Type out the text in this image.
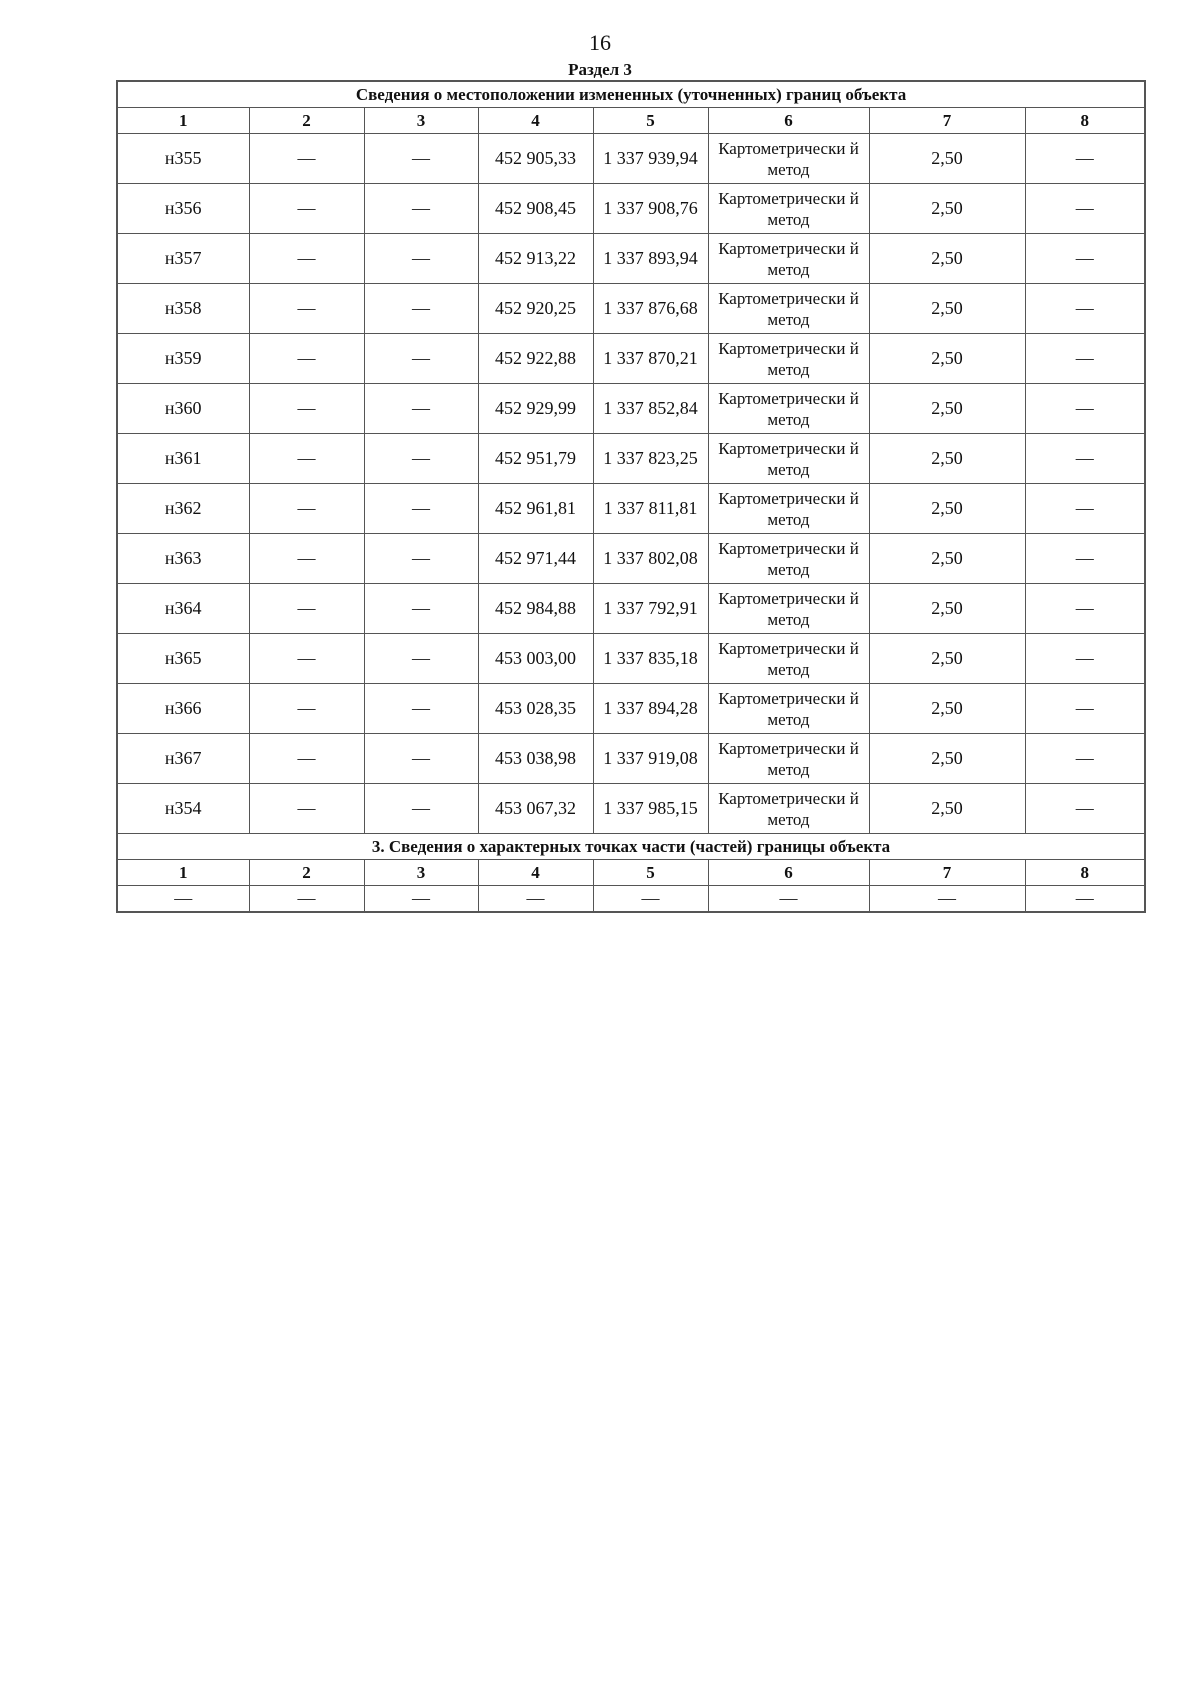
16
Раздел 3
Сведения о местоположении измененных (уточненных) границ объекта							
1	2	3	4	5	6	7	8
н355	—	—	452 905,33	1 337 939,94	Картометрически й метод	2,50	—
н356	—	—	452 908,45	1 337 908,76	Картометрически й метод	2,50	—
н357	—	—	452 913,22	1 337 893,94	Картометрически й метод	2,50	—
н358	—	—	452 920,25	1 337 876,68	Картометрически й метод	2,50	—
н359	—	—	452 922,88	1 337 870,21	Картометрически й метод	2,50	—
н360	—	—	452 929,99	1 337 852,84	Картометрически й метод	2,50	—
н361	—	—	452 951,79	1 337 823,25	Картометрически й метод	2,50	—
н362	—	—	452 961,81	1 337 811,81	Картометрически й метод	2,50	—
н363	—	—	452 971,44	1 337 802,08	Картометрически й метод	2,50	—
н364	—	—	452 984,88	1 337 792,91	Картометрически й метод	2,50	—
н365	—	—	453 003,00	1 337 835,18	Картометрически й метод	2,50	—
н366	—	—	453 028,35	1 337 894,28	Картометрически й метод	2,50	—
н367	—	—	453 038,98	1 337 919,08	Картометрически й метод	2,50	—
н354	—	—	453 067,32	1 337 985,15	Картометрически й метод	2,50	—
3. Сведения о характерных точках части (частей) границы объекта							
1	2	3	4	5	6	7	8
—	—	—	—	—	—	—	—
